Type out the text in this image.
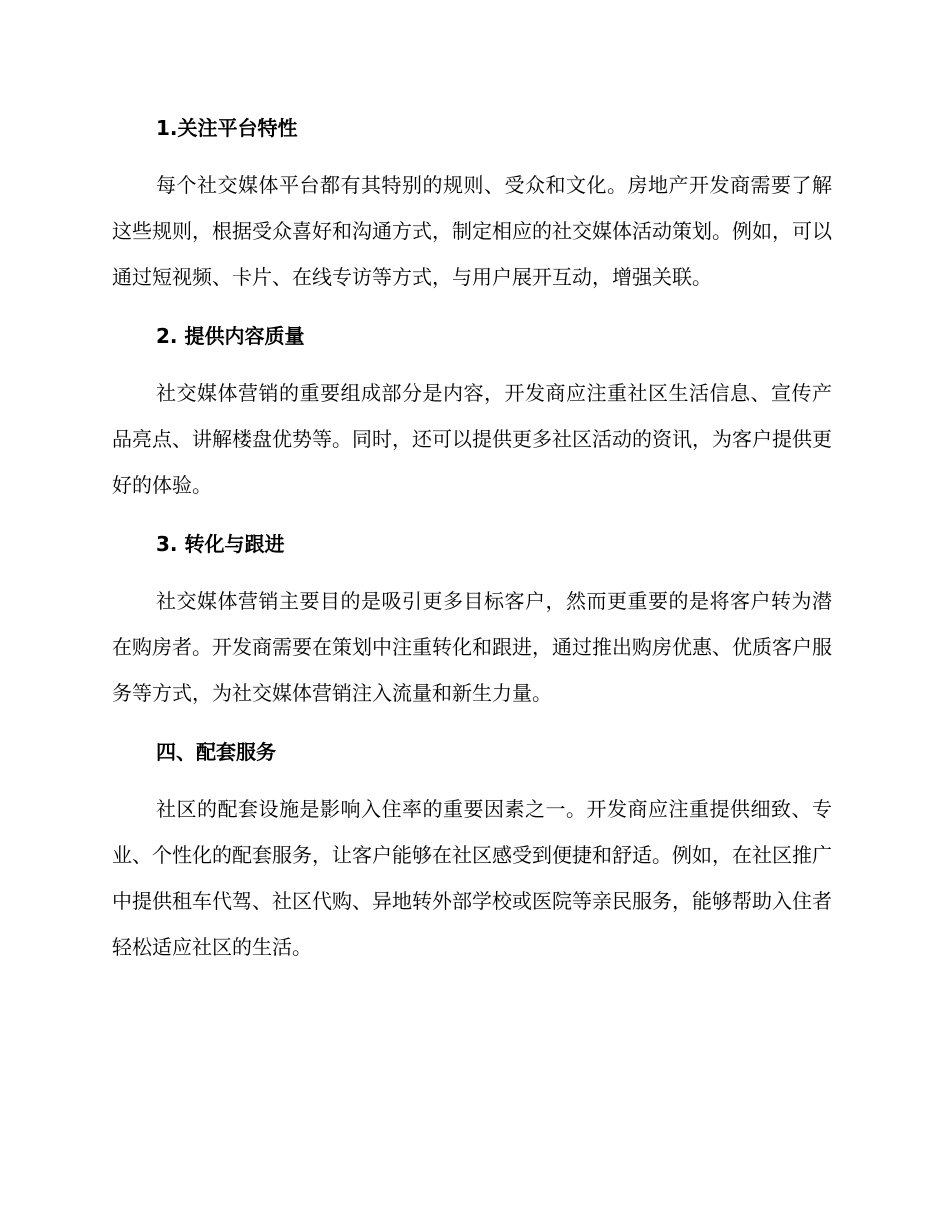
1.关注平台特性

每个社交媒体平台都有其特别的规则、受众和文化。房地产开发商需要了解这些规则，根据受众喜好和沟通方式，制定相应的社交媒体活动策划。例如，可以通过短视频、卡片、在线专访等方式，与用户展开互动，增强关联。

2. 提供内容质量

社交媒体营销的重要组成部分是内容，开发商应注重社区生活信息、宣传产品亮点、讲解楼盘优势等。同时，还可以提供更多社区活动的资讯，为客户提供更好的体验。

3. 转化与跟进

社交媒体营销主要目的是吸引更多目标客户，然而更重要的是将客户转为潜在购房者。开发商需要在策划中注重转化和跟进，通过推出购房优惠、优质客户服务等方式，为社交媒体营销注入流量和新生力量。

四、配套服务

社区的配套设施是影响入住率的重要因素之一。开发商应注重提供细致、专业、个性化的配套服务，让客户能够在社区感受到便捷和舒适。例如，在社区推广中提供租车代驾、社区代购、异地转外部学校或医院等亲民服务，能够帮助入住者轻松适应社区的生活。
